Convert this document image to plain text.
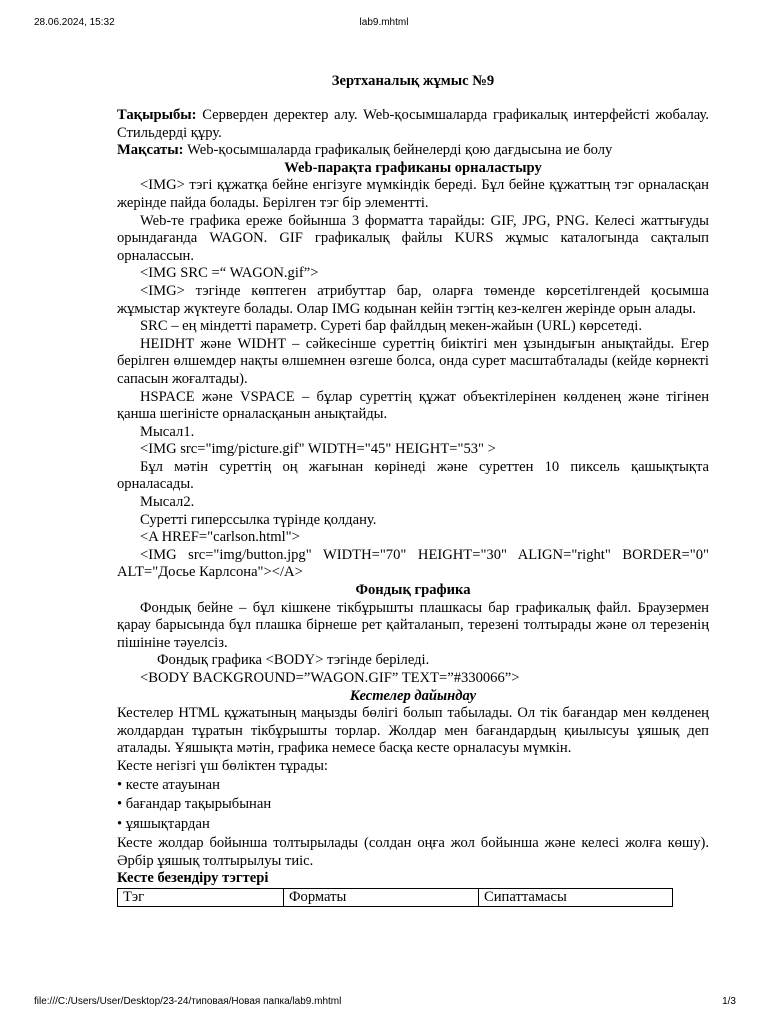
28.06.2024, 15:32	lab9.mhtml
Зертханалық жұмыс №9

Тақырыбы: Серверден деректер алу. Web-қосымшаларда графикалық интерфейсті жобалау. Стильдерді құру.

Мақсаты: Web-қосымшаларда графикалық бейнелерді қою дағдысына ие болу

Web-парақта графиканы орналастыру

<IMG> тэгі құжатқа бейне енгізуге мүмкіндік береді. Бұл бейне құжаттың тэг орналасқан жерінде пайда болады. Берілген тэг бір элементті.

Web-те графика ереже бойынша 3 форматта тарайды: GIF, JPG, PNG. Келесі жаттығуды орындағанда WAGON. GIF графикалық файлы KURS жұмыс каталогында сақталып орналассын.

<IMG SRC =“ WAGON.gif”>

<IMG> тэгінде көптеген атрибуттар бар, оларға төменде көрсетілгендей қосымша жұмыстар жүктеуге болады. Олар IMG кодынан кейін тэгтің кез-келген жерінде орын алады.

SRC – ең міндетті параметр. Суреті бар файлдың мекен-жайын (URL) көрсетеді.

HEIDHT және WIDHT – сәйкесінше суреттің биіктігі мен ұзындығын анықтайды. Егер берілген өлшемдер нақты өлшемнен өзгеше болса, онда сурет масштабталады (кейде көрнекті сапасын жоғалтады).

HSPACE және VSPACE – бұлар суреттің құжат объектілерінен көлденең және тігінен қанша шегіністе орналасқанын анықтайды.

Мысал1.

<IMG src="img/picture.gif" WIDTH="45" HEIGHT="53" >

Бұл мәтін суреттің оң жағынан көрінеді және суреттен 10 пиксель қашықтықта орналасады.

Мысал2.

Суретті гиперссылка түрінде қолдану.

<A HREF="carlson.html">

<IMG src="img/button.jpg" WIDTH="70" HEIGHT="30" ALIGN="right" BORDER="0" ALT="Досье Карлсона"></A>

Фондық графика

Фондық бейне – бұл кішкене тікбұрышты плашкасы бар графикалық файл. Браузермен қарау барысында бұл плашка бірнеше рет қайталанып, терезені толтырады және ол терезенің пішініне тәуелсіз.

Фондық графика <BODY> тэгінде беріледі.

<BODY BACKGROUND=”WAGON.GIF” TEXT=”#330066”>

Кестелер дайындау

Кестелер HTML құжатының маңызды бөлігі болып табылады. Ол тік бағандар мен көлденең жолдардан тұратын тікбұрышты торлар. Жолдар мен бағандардың қиылысуы ұяшық деп аталады. Ұяшықта мәтін, графика немесе басқа кесте орналасуы мүмкін.

Кесте негізгі үш бөліктен тұрады:

• кесте атауынан

• бағандар тақырыбынан

• ұяшықтардан

Кесте жолдар бойынша толтырылады (солдан оңға жол бойынша және келесі жолға көшу). Әрбір ұяшық толтырылуы тиіс.

Кесте безендіру тэгтері

Тэг	Форматы	Сипаттамасы
file:///C:/Users/User/Desktop/23-24/типовая/Новая папка/lab9.mhtml	1/3
